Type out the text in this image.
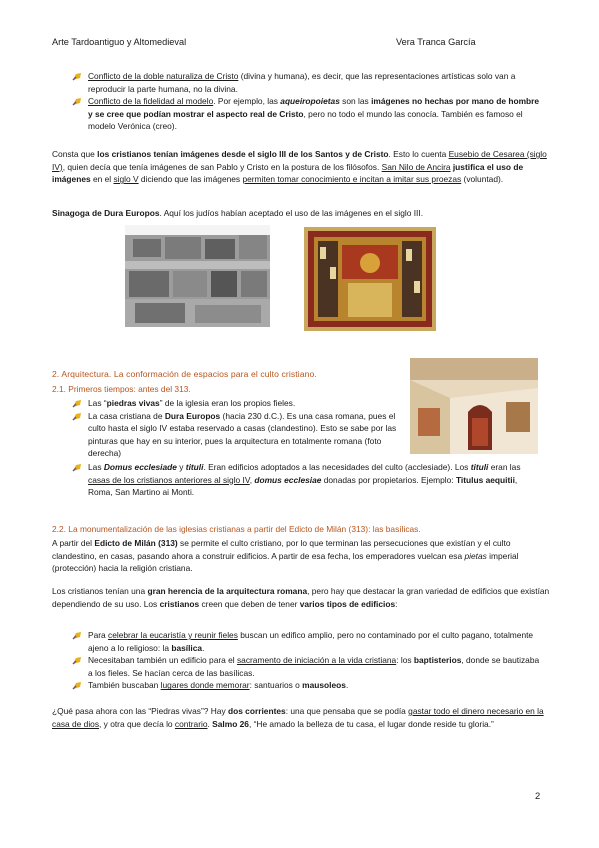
Arte Tardoantiguo y Altomedieval	Vera Tranca García

Conflicto de la doble naturaliza de Cristo (divina y humana), es decir, que las representaciones artísticas solo van a reproducir la parte humana, no la divina.

Conflicto de la fidelidad al modelo. Por ejemplo, las aqueiropoietas son las imágenes no hechas por mano de hombre y se cree que podían mostrar el aspecto real de Cristo, pero no todo el mundo las conocía. También es famoso el modelo Verónica (creo).

Consta que los cristianos tenían imágenes desde el siglo III de los Santos y de Cristo. Esto lo cuenta Eusebio de Cesarea (siglo IV), quien decía que tenía imágenes de san Pablo y Cristo en la postura de los filósofos. San Nilo de Ancira justifica el uso de imágenes en el siglo V diciendo que las imágenes permiten tomar conocimiento e incitan a imitar sus proezas (voluntad).

Sinagoga de Dura Europos. Aquí los judíos habían aceptado el uso de las imágenes en el siglo III.

2. Arquitectura. La conformación de espacios para el culto cristiano.
2.1. Primeros tiempos: antes del 313.

Las “piedras vivas” de la iglesia eran los propios fieles.

La casa cristiana de Dura Europos (hacia 230 d.C.). Es una casa romana, pues el culto hasta el siglo IV estaba reservado a casas (clandestino). Esto se sabe por las pinturas que hay en su interior, pues la arquitectura en totalmente romana (foto derecha)

Las Domus ecclesiade y tituli. Eran edificios adoptados a las necesidades del culto (acclesiade). Los tituli eran las casas de los cristianos anteriores al siglo IV, domus ecclesiae donadas por propietarios. Ejemplo: Titulus aequitii, Roma, San Martino ai Monti.

2.2. La monumentalización de las iglesias cristianas a partir del Edicto de Milán (313): las basílicas.

A partir del Edicto de Milán (313) se permite el culto cristiano, por lo que terminan las persecuciones que existían y el culto clandestino, en casas, pasando ahora a construir edificios. A partir de esa fecha, los emperadores vuelcan esa pietas imperial (protección) hacia la religión cristiana.

Los cristianos tenían una gran herencia de la arquitectura romana, pero hay que destacar la gran variedad de edificios que existían dependiendo de su uso. Los cristianos creen que deben de tener varios tipos de edificios:

Para celebrar la eucaristía y reunir fieles buscan un edifico amplio, pero no contaminado por el culto pagano, totalmente ajeno a lo religioso: la basílica.

Necesitaban también un edificio para el sacramento de iniciación a la vida cristiana: los baptisterios, donde se bautizaba a los fieles. Se hacían cerca de las basílicas.

También buscaban lugares donde memorar: santuarios o mausoleos.

¿Qué pasa ahora con las “Piedras vivas”? Hay dos corrientes: una que pensaba que se podía gastar todo el dinero necesario en la casa de dios, y otra que decía lo contrario. Salmo 26, “He amado la belleza de tu casa, el lugar donde reside tu gloria.”

2
